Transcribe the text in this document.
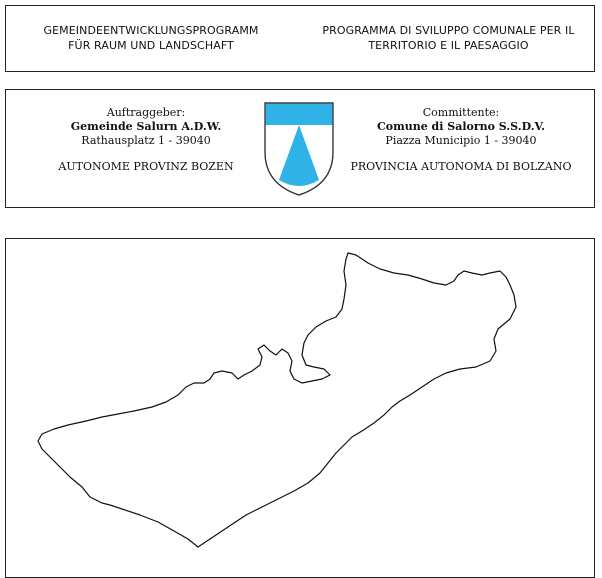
GEMEINDEENTWICKLUNGSPROGRAMM
FÜR RAUM UND LANDSCHAFT
PROGRAMMA DI SVILUPPO COMUNALE PER IL
TERRITORIO E IL PAESAGGIO
Auftraggeber:
Gemeinde Salurn A.D.W.
Rathausplatz 1 - 39040
AUTONOME PROVINZ BOZEN
Committente:
Comune di Salorno S.S.D.V.
Piazza Municipio 1 - 39040
PROVINCIA AUTONOMA DI BOLZANO
